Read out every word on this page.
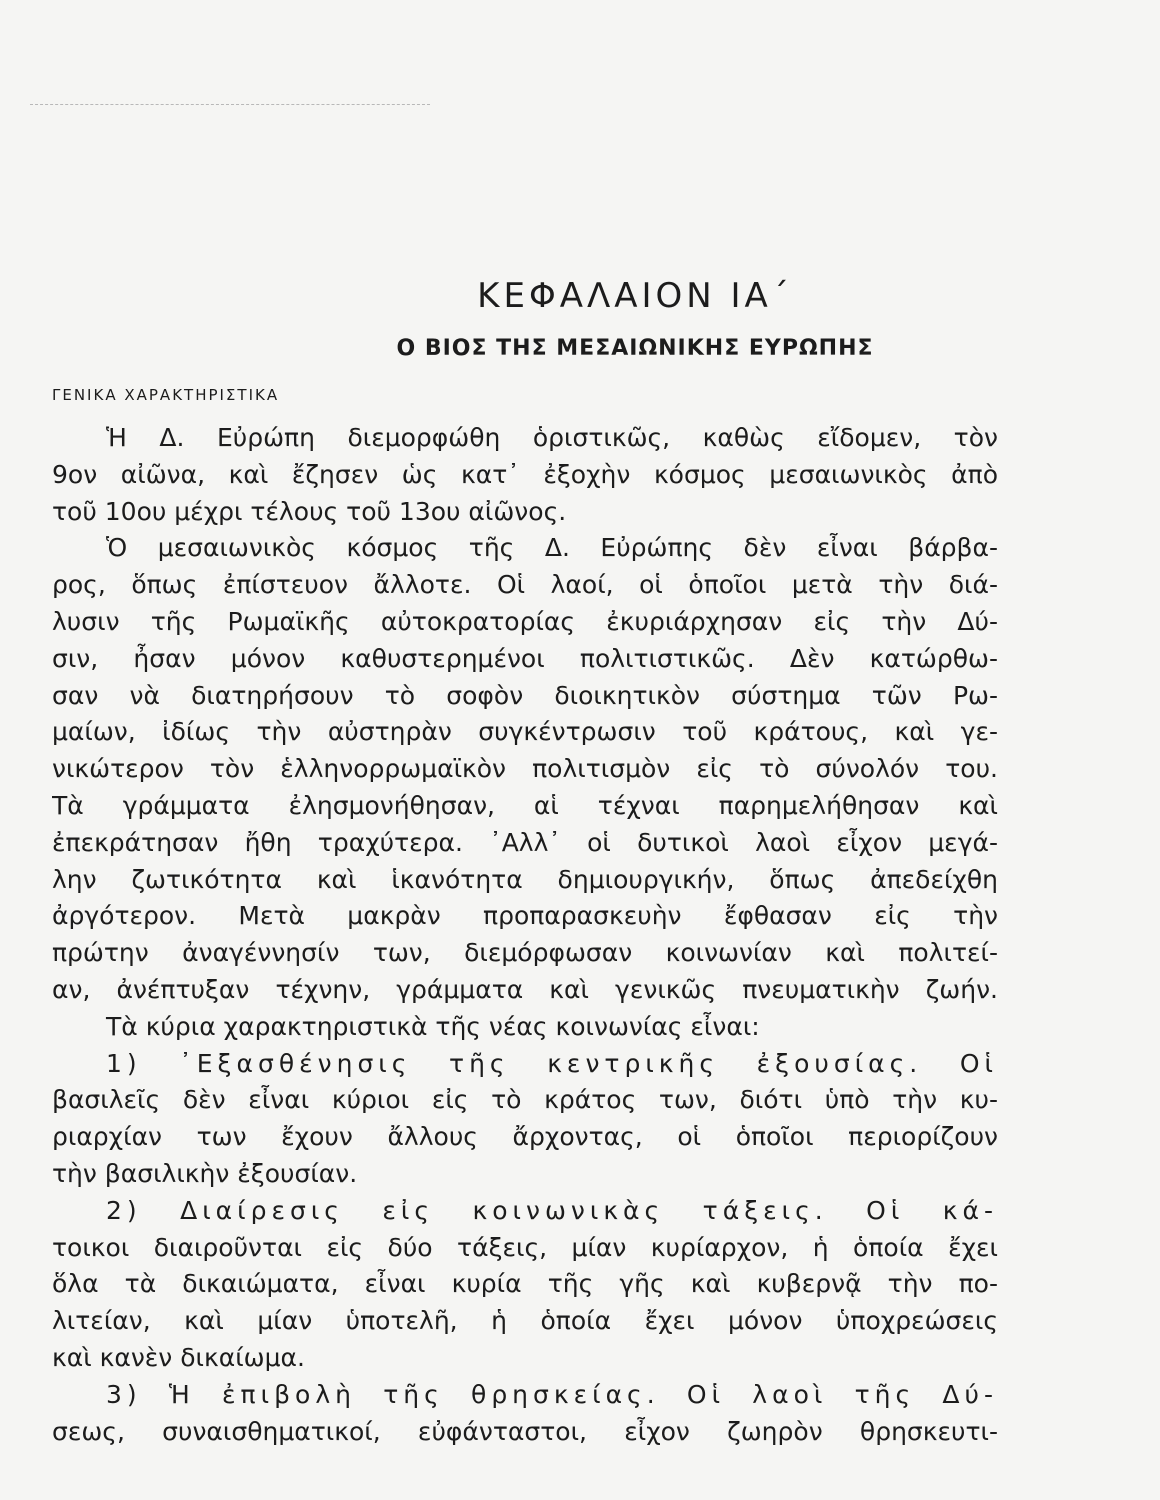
ΚΕΦΑΛΑΙΟΝ ΙΑ΄
Ο ΒΙΟΣ ΤΗΣ ΜΕΣΑΙΩΝΙΚΗΣ ΕΥΡΩΠΗΣ
ΓΕΝΙΚΑ ΧΑΡΑΚΤΗΡΙΣΤΙΚΑ
Ἡ Δ. Εὐρώπη διεμορφώθη ὁριστικῶς, καθὼς εἴδομεν, τὸν
9ον αἰῶνα, καὶ ἔζησεν ὡς κατ᾽ ἐξοχὴν κόσμος μεσαιωνικὸς ἀπὸ
τοῦ 10ου μέχρι τέλους τοῦ 13ου αἰῶνος.
Ὁ μεσαιωνικὸς κόσμος τῆς Δ. Εὐρώπης δὲν εἶναι βάρβα-
ρος, ὅπως ἐπίστευον ἄλλοτε. Οἱ λαοί, οἱ ὁποῖοι μετὰ τὴν διά-
λυσιν τῆς Ρωμαϊκῆς αὐτοκρατορίας ἐκυριάρχησαν εἰς τὴν Δύ-
σιν, ἦσαν μόνον καθυστερημένοι πολιτιστικῶς. Δὲν κατώρθω-
σαν νὰ διατηρήσουν τὸ σοφὸν διοικητικὸν σύστημα τῶν Ρω-
μαίων, ἰδίως τὴν αὐστηρὰν συγκέντρωσιν τοῦ κράτους, καὶ γε-
νικώτερον τὸν ἑλληνορρωμαϊκὸν πολιτισμὸν εἰς τὸ σύνολόν του.
Τὰ γράμματα ἐλησμονήθησαν, αἱ τέχναι παρημελήθησαν καὶ
ἐπεκράτησαν ἤθη τραχύτερα. ᾿Αλλ᾽ οἱ δυτικοὶ λαοὶ εἶχον μεγά-
λην ζωτικότητα καὶ ἱκανότητα δημιουργικήν, ὅπως ἀπεδείχθη
ἀργότερον. Μετὰ μακρὰν προπαρασκευὴν ἔφθασαν εἰς τὴν
πρώτην ἀναγέννησίν των, διεμόρφωσαν κοινωνίαν καὶ πολιτεί-
αν, ἀνέπτυξαν τέχνην, γράμματα καὶ γενικῶς πνευματικὴν ζωήν.
Τὰ κύρια χαρακτηριστικὰ τῆς νέας κοινωνίας εἶναι:
1) ᾿Εξασθένησις τῆς κεντρικῆς ἐξουσίας. Οἱ
βασιλεῖς δὲν εἶναι κύριοι εἰς τὸ κράτος των, διότι ὑπὸ τὴν κυ-
ριαρχίαν των ἔχουν ἄλλους ἄρχοντας, οἱ ὁποῖοι περιορίζουν
τὴν βασιλικὴν ἐξουσίαν.
2) Διαίρεσις εἰς κοινωνικὰς τάξεις. Οἱ κά-
τοικοι διαιροῦνται εἰς δύο τάξεις, μίαν κυρίαρχον, ἡ ὁποία ἔχει
ὅλα τὰ δικαιώματα, εἶναι κυρία τῆς γῆς καὶ κυβερνᾷ τὴν πο-
λιτείαν, καὶ μίαν ὑποτελῆ, ἡ ὁποία ἔχει μόνον ὑποχρεώσεις
καὶ κανὲν δικαίωμα.
3) Ἡ ἐπιβολὴ τῆς θρησκείας. Οἱ λαοὶ τῆς Δύ-
σεως, συναισθηματικοί, εὐφάνταστοι, εἶχον ζωηρὸν θρησκευτι-
